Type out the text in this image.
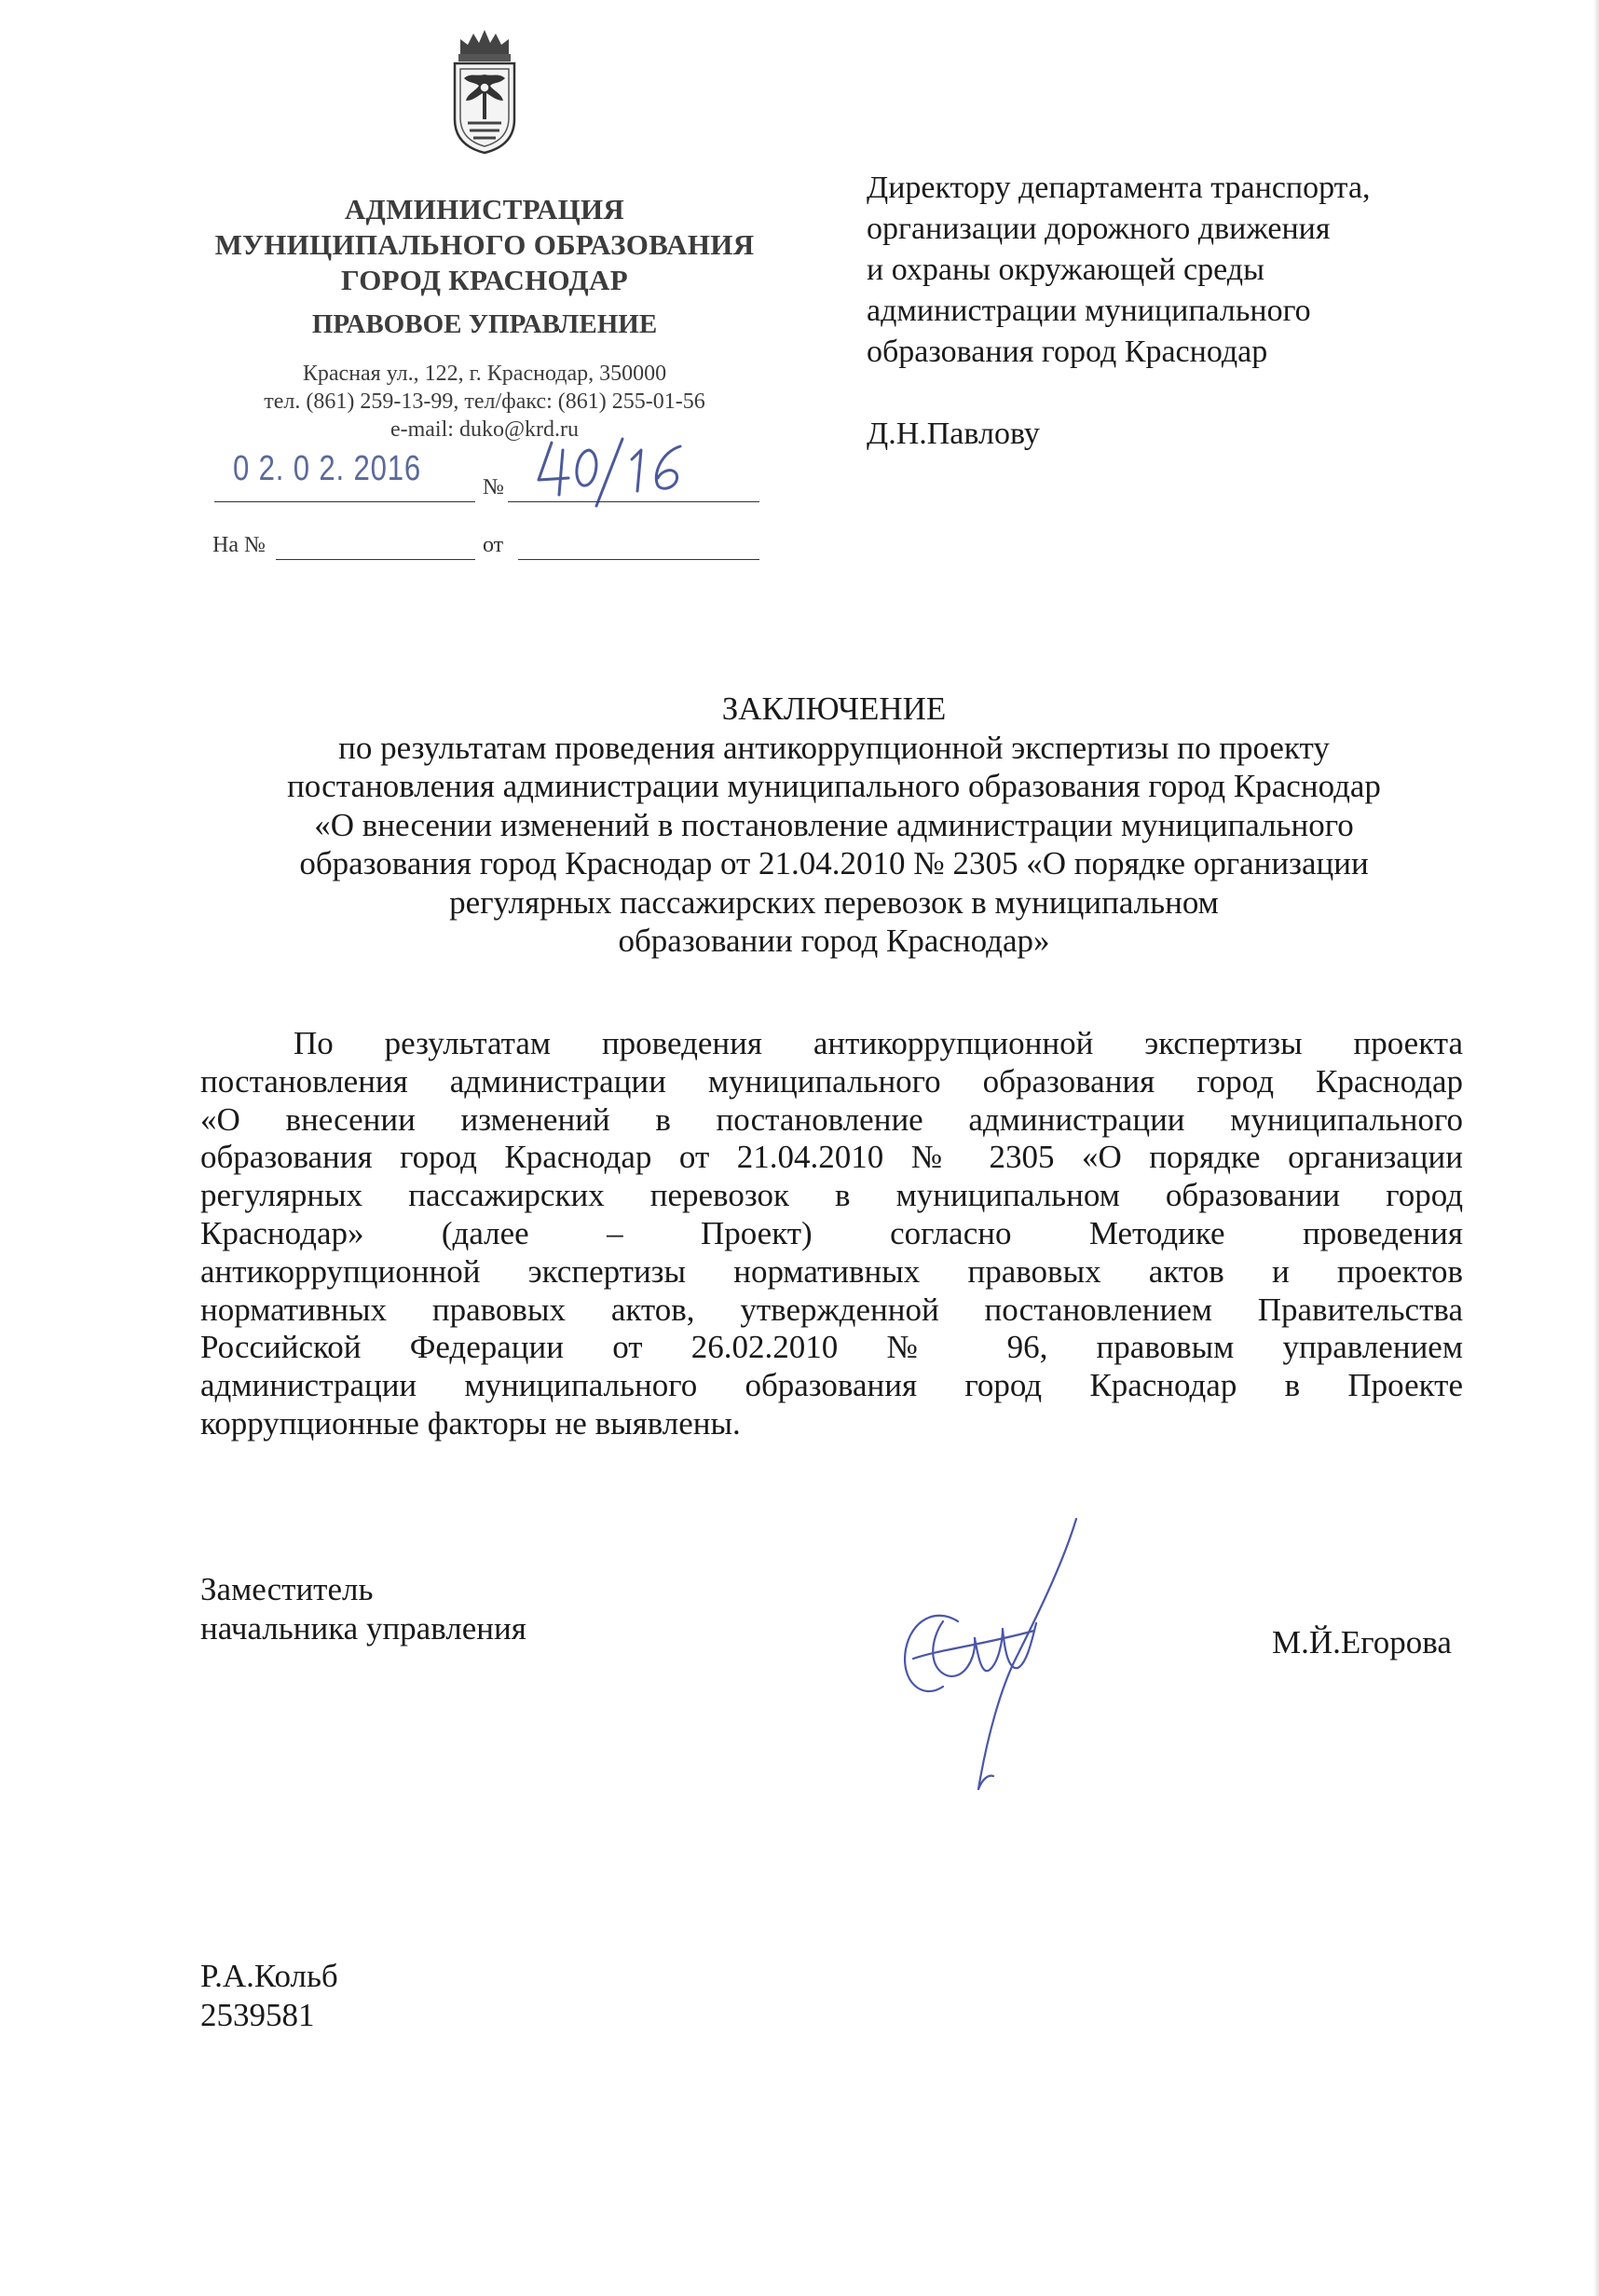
АДМИНИСТРАЦИЯ
МУНИЦИПАЛЬНОГО ОБРАЗОВАНИЯ
ГОРОД КРАСНОДАР
ПРАВОВОЕ УПРАВЛЕНИЕ
Красная ул., 122, г. Краснодар, 350000
тел. (861) 259-13-99, тел/факс: (861) 255-01-56
e-mail: duko@krd.ru
0 2. 0 2. 2016	№
На №	от
Директору департамента транспорта,
организации дорожного движения
и охраны окружающей среды
администрации муниципального
образования город Краснодар
Д.Н.Павлову
ЗАКЛЮЧЕНИЕ
по результатам проведения антикоррупционной экспертизы по проекту
постановления администрации муниципального образования город Краснодар
«О внесении изменений в постановление администрации муниципального
образования город Краснодар от 21.04.2010 № 2305 «О порядке организации
регулярных пассажирских перевозок в муниципальном
образовании город Краснодар»
По результатам проведения антикоррупционной экспертизы проекта
постановления администрации муниципального образования город Краснодар
«О внесении изменений в постановление администрации муниципального
образования город Краснодар от 21.04.2010 № 2305 «О порядке организации
регулярных пассажирских перевозок в муниципальном образовании город
Краснодар» (далее – Проект) согласно Методике проведения
антикоррупционной экспертизы нормативных правовых актов и проектов
нормативных правовых актов, утвержденной постановлением Правительства
Российской Федерации от 26.02.2010 № 96, правовым управлением
администрации муниципального образования город Краснодар в Проекте
коррупционные факторы не выявлены.
Заместитель
начальника управления	М.Й.Егорова
Р.А.Кольб
2539581
